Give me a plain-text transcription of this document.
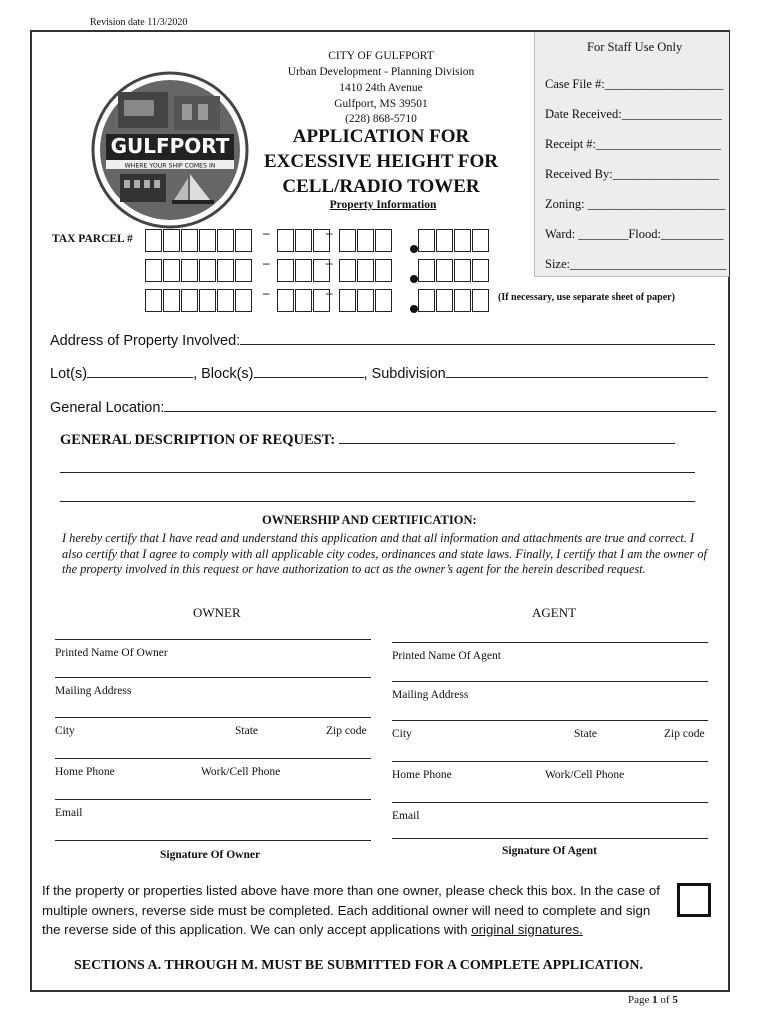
Revision date 11/3/2020
For Staff Use Only
Case File #:___________________
Date Received:________________
Receipt #:____________________
Received By:_________________
Zoning: ______________________
Ward: ________Flood:__________
Size:_________________________
GULFPORT
WHERE YOUR SHIP COMES IN
CITY OF GULFPORT
Urban Development - Planning Division
1410 24th Avenue
Gulfport, MS 39501
(228) 868-5710
APPLICATION FOR
EXCESSIVE HEIGHT FOR
CELL/RADIO TOWER
Property Information
TAX PARCEL #	–	–
–	–
–	–	(If necessary, use separate sheet of paper)
Address of Property Involved:
Lot(s)	, Block(s)	, Subdivision
General Location:
GENERAL DESCRIPTION OF REQUEST:
OWNERSHIP AND CERTIFICATION:
I hereby certify that I have read and understand this application and that all information and attachments are true and correct. I also certify that I agree to comply with all applicable city codes, ordinances and state laws. Finally, I certify that I am the owner of the property involved in this request or have authorization to act as the owner’s agent for the herein described request.
OWNER	AGENT
Printed Name Of Owner
Mailing Address
City	State	Zip code
Home Phone	Work/Cell Phone
Email
Printed Name Of Agent
Mailing Address
City	State	Zip code
Home Phone	Work/Cell Phone
Email
Signature Of Owner	Signature Of Agent
If the property or properties listed above have more than one owner, please check this box. In the case of multiple owners, reverse side must be completed. Each additional owner will need to complete and sign the reverse side of this application. We can only accept applications with original signatures.
SECTIONS A. THROUGH M. MUST BE SUBMITTED FOR A COMPLETE APPLICATION.
Page 1 of 5
